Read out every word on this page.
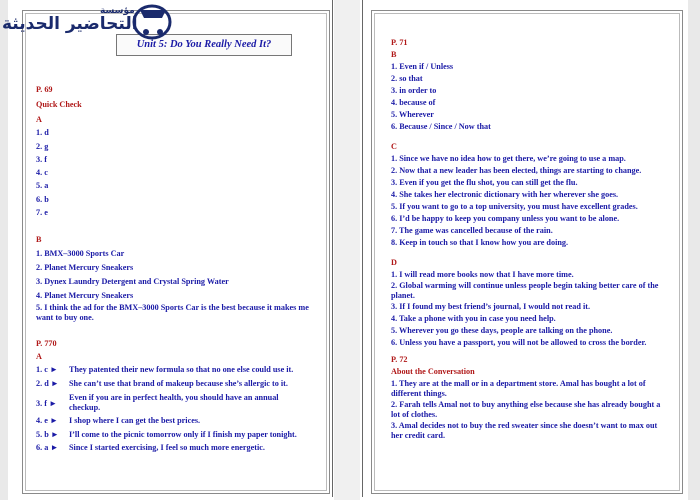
Unit 5: Do You Really Need It?
P. 69
Quick Check
A
1. d
2. g
3. f
4. c
5. a
6. b
7. e
B
1. BMX–3000 Sports Car
2. Planet Mercury Sneakers
3. Dynex Laundry Detergent and Crystal Spring Water
4. Planet Mercury Sneakers
5. I think the ad for the BMX–3000 Sports Car is the best because it makes me want to buy one.
P. 770
A
1. c ► They patented their new formula so that no one else could use it.
2. d ► She can’t use that brand of makeup because she’s allergic to it.
3. f ►
Even if you are in perfect health, you should have an annual checkup.
4. e ► I shop where I can get the best prices.
5. b ► I’ll come to the picnic tomorrow only if I finish my paper tonight.
6. a ► Since I started exercising, I feel so much more energetic.
مؤسسة
التحاضير الحديثة
P. 71
B
1. Even if / Unless
2. so that
3. in order to
4. because of
5. Wherever
6. Because / Since / Now that
C
1. Since we have no idea how to get there, we’re going to use a map.
2. Now that a new leader has been elected, things are starting to change.
3. Even if you get the flu shot, you can still get the flu.
4. She takes her electronic dictionary with her wherever she goes.
5. If you want to go to a top university, you must have excellent grades.
6. I’d be happy to keep you company unless you want to be alone.
7. The game was cancelled because of the rain.
8. Keep in touch so that I know how you are doing.
D
1. I will read more books now that I have more time.
2. Global warming will continue unless people begin taking better care of the planet.
3. If I found my best friend’s journal, I would not read it.
4. Take a phone with you in case you need help.
5. Wherever you go these days, people are talking on the phone.
6. Unless you have a passport, you will not be allowed to cross the border.
P. 72
About the Conversation
1. They are at the mall or in a department store. Amal has bought a lot of different things.
2. Farah tells Amal not to buy anything else because she has already bought a lot of clothes.
3. Amal decides not to buy the red sweater since she doesn’t want to max out her credit card.
